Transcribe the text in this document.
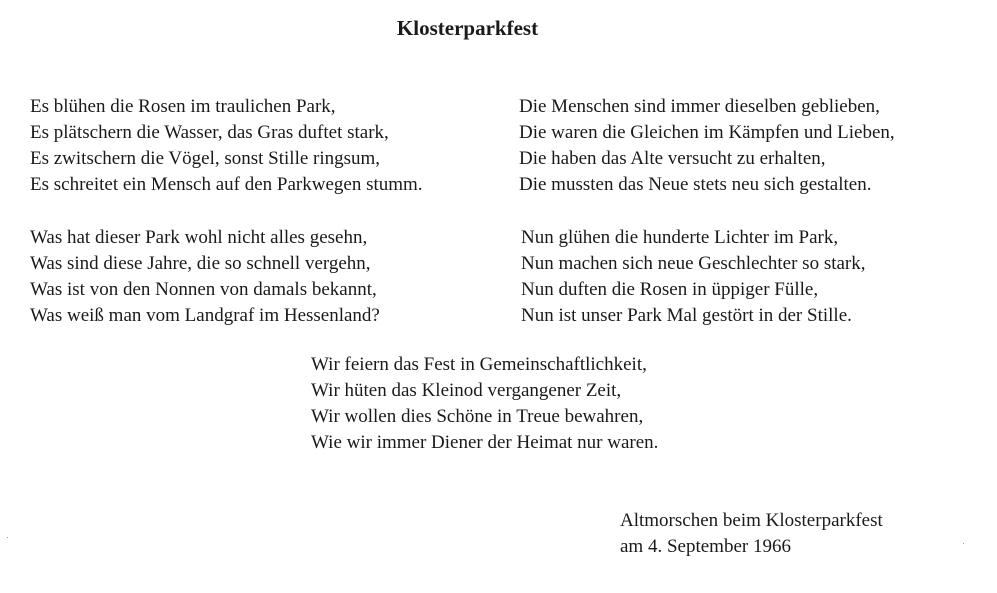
Klosterparkfest
Es blühen die Rosen im traulichen Park,
Es plätschern die Wasser, das Gras duftet stark,
Es zwitschern die Vögel, sonst Stille ringsum,
Es schreitet ein Mensch auf den Parkwegen stumm.
Was hat dieser Park wohl nicht alles gesehn,
Was sind diese Jahre, die so schnell vergehn,
Was ist von den Nonnen von damals bekannt,
Was weiß man vom Landgraf im Hessenland?
Die Menschen sind immer dieselben geblieben,
Die waren die Gleichen im Kämpfen und Lieben,
Die haben das Alte versucht zu erhalten,
Die mussten das Neue stets neu sich gestalten.
Nun glühen die hunderte Lichter im Park,
Nun machen sich neue Geschlechter so stark,
Nun duften die Rosen in üppiger Fülle,
Nun ist unser Park Mal gestört in der Stille.
Wir feiern das Fest in Gemeinschaftlichkeit,
Wir hüten das Kleinod vergangener Zeit,
Wir wollen dies Schöne in Treue bewahren,
Wie wir immer Diener der Heimat nur waren.
Altmorschen beim Klosterparkfest
am 4. September 1966
